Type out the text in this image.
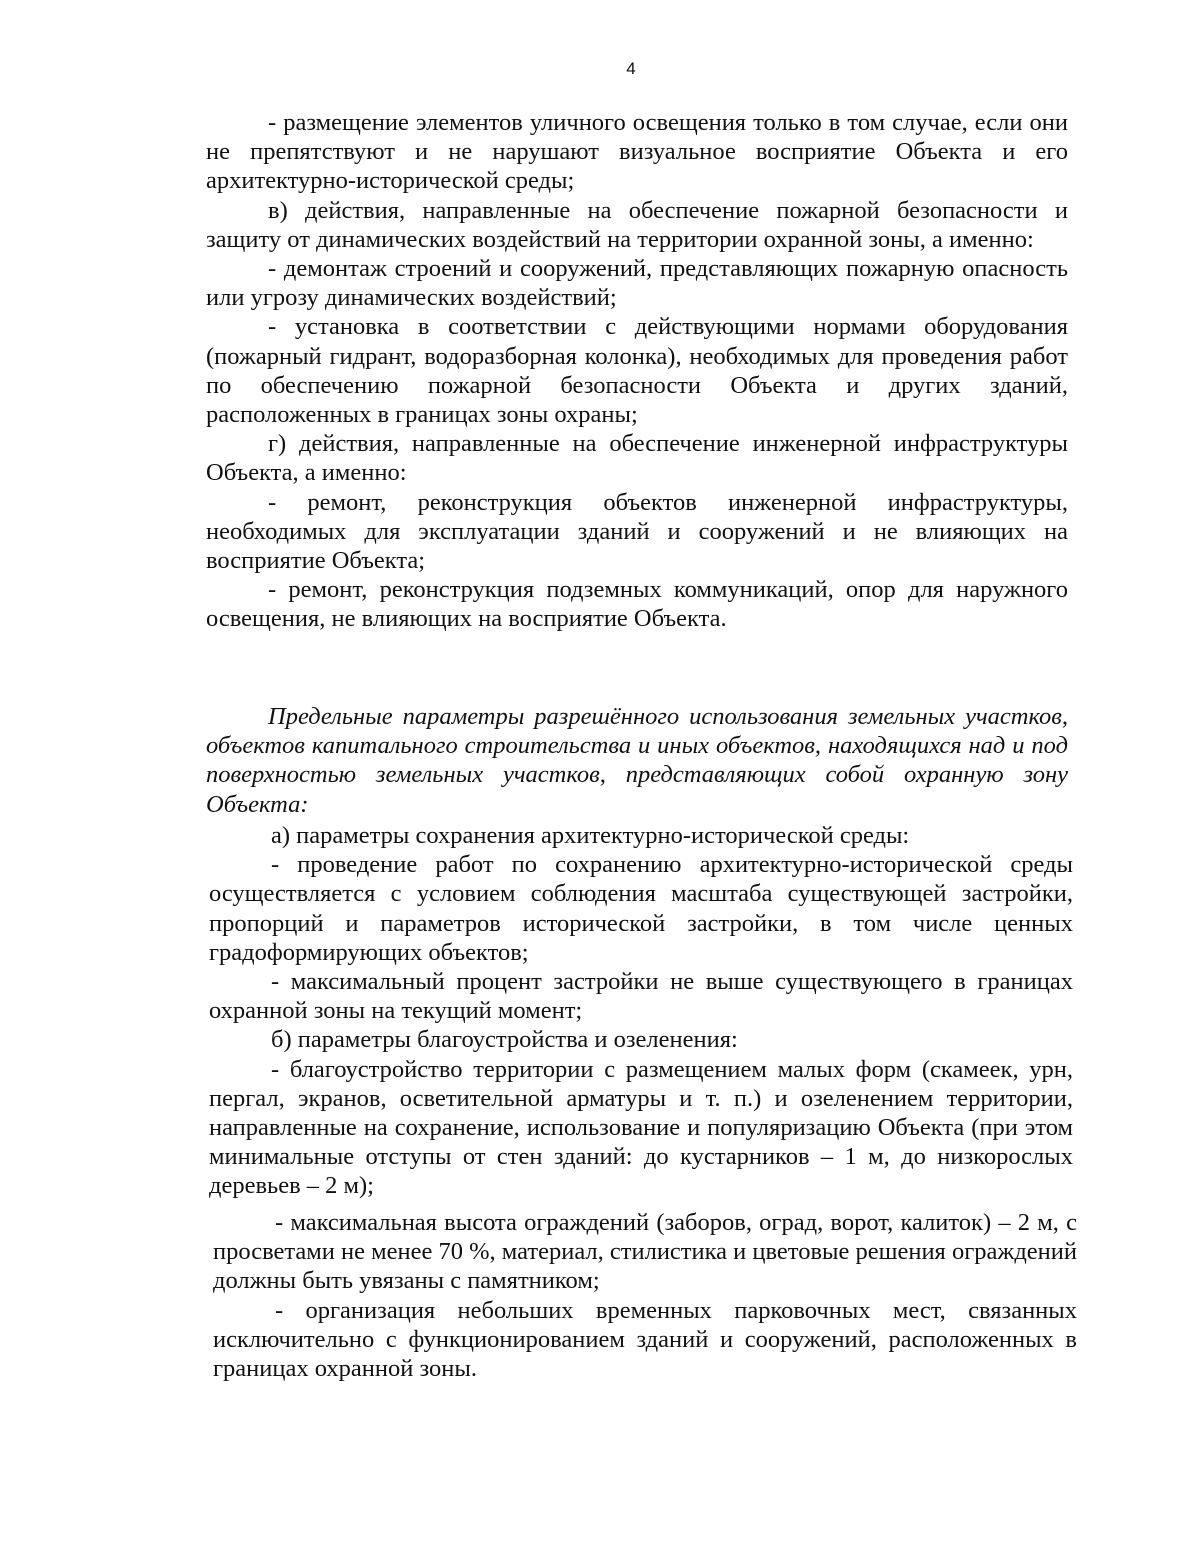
4

- размещение элементов уличного освещения только в том случае, если они не препятствуют и не нарушают визуальное восприятие Объекта и его архитектурно-исторической среды;

в) действия, направленные на обеспечение пожарной безопасности и защиту от динамических воздействий на территории охранной зоны, а именно:

- демонтаж строений и сооружений, представляющих пожарную опасность или угрозу динамических воздействий;

- установка в соответствии с действующими нормами оборудования (пожарный гидрант, водоразборная колонка), необходимых для проведения работ по обеспечению пожарной безопасности Объекта и других зданий, расположенных в границах зоны охраны;

г) действия, направленные на обеспечение инженерной инфраструктуры Объекта, а именно:

- ремонт, реконструкция объектов инженерной инфраструктуры, необходимых для эксплуатации зданий и сооружений и не влияющих на восприятие Объекта;

- ремонт, реконструкция подземных коммуникаций, опор для наружного освещения, не влияющих на восприятие Объекта.

Предельные параметры разрешённого использования земельных участков, объектов капитального строительства и иных объектов, находящихся над и под поверхностью земельных участков, представляющих собой охранную зону Объекта:

а) параметры сохранения архитектурно-исторической среды:

- проведение работ по сохранению архитектурно-исторической среды осуществляется с условием соблюдения масштаба существующей застройки, пропорций и параметров исторической застройки, в том числе ценных градоформирующих объектов;

- максимальный процент застройки не выше существующего в границах охранной зоны на текущий момент;

б) параметры благоустройства и озеленения:

- благоустройство территории с размещением малых форм (скамеек, урн, пергал, экранов, осветительной арматуры и т. п.) и озеленением территории, направленные на сохранение, использование и популяризацию Объекта (при этом минимальные отступы от стен зданий: до кустарников – 1 м, до низкорослых деревьев – 2 м);

- максимальная высота ограждений (заборов, оград, ворот, калиток) – 2 м, с просветами не менее 70 %, материал, стилистика и цветовые решения ограждений должны быть увязаны с памятником;

- организация небольших временных парковочных мест, связанных исключительно с функционированием зданий и сооружений, расположенных в границах охранной зоны.
